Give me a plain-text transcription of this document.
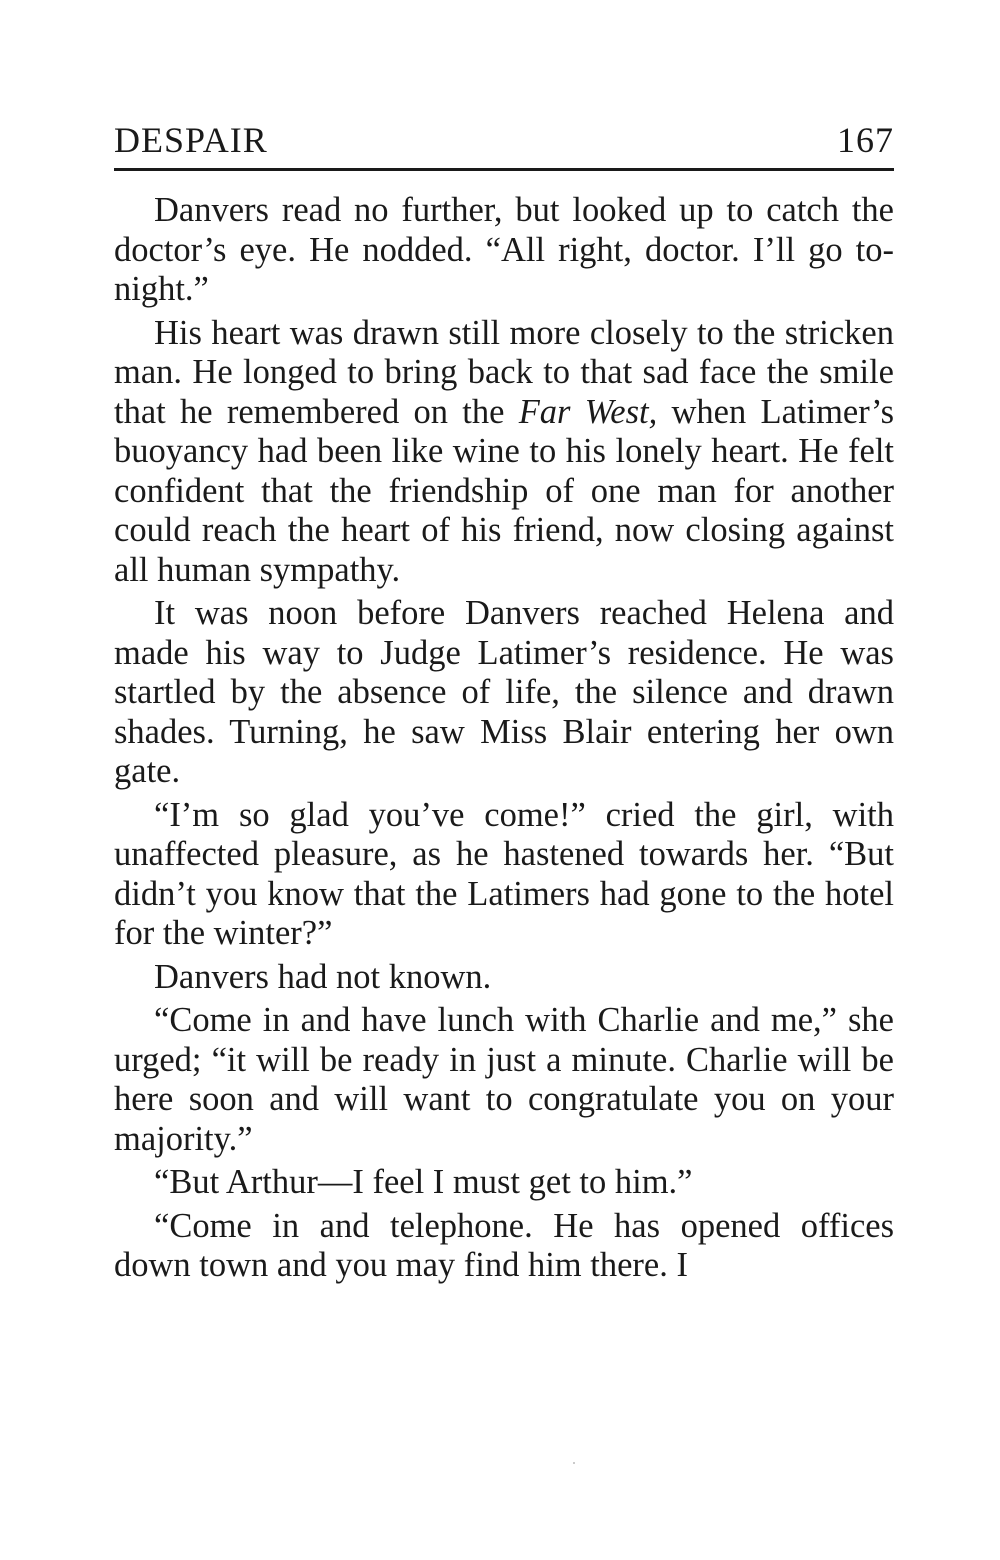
DESPAIR	167

Danvers read no further, but looked up to catch the doctor’s eye. He nodded. “All right, doctor. I’ll go to-night.”

His heart was drawn still more closely to the stricken man. He longed to bring back to that sad face the smile that he remembered on the Far West, when Latimer’s buoyancy had been like wine to his lonely heart. He felt confident that the friendship of one man for another could reach the heart of his friend, now closing against all human sympathy.

It was noon before Danvers reached Helena and made his way to Judge Latimer’s residence. He was startled by the absence of life, the silence and drawn shades. Turning, he saw Miss Blair entering her own gate.

“I’m so glad you’ve come!” cried the girl, with unaffected pleasure, as he hastened towards her. “But didn’t you know that the Latimers had gone to the hotel for the winter?”

Danvers had not known.

“Come in and have lunch with Charlie and me,” she urged; “it will be ready in just a minute. Charlie will be here soon and will want to congratulate you on your majority.”

“But Arthur—I feel I must get to him.”

“Come in and telephone. He has opened offices down town and you may find him there. I
